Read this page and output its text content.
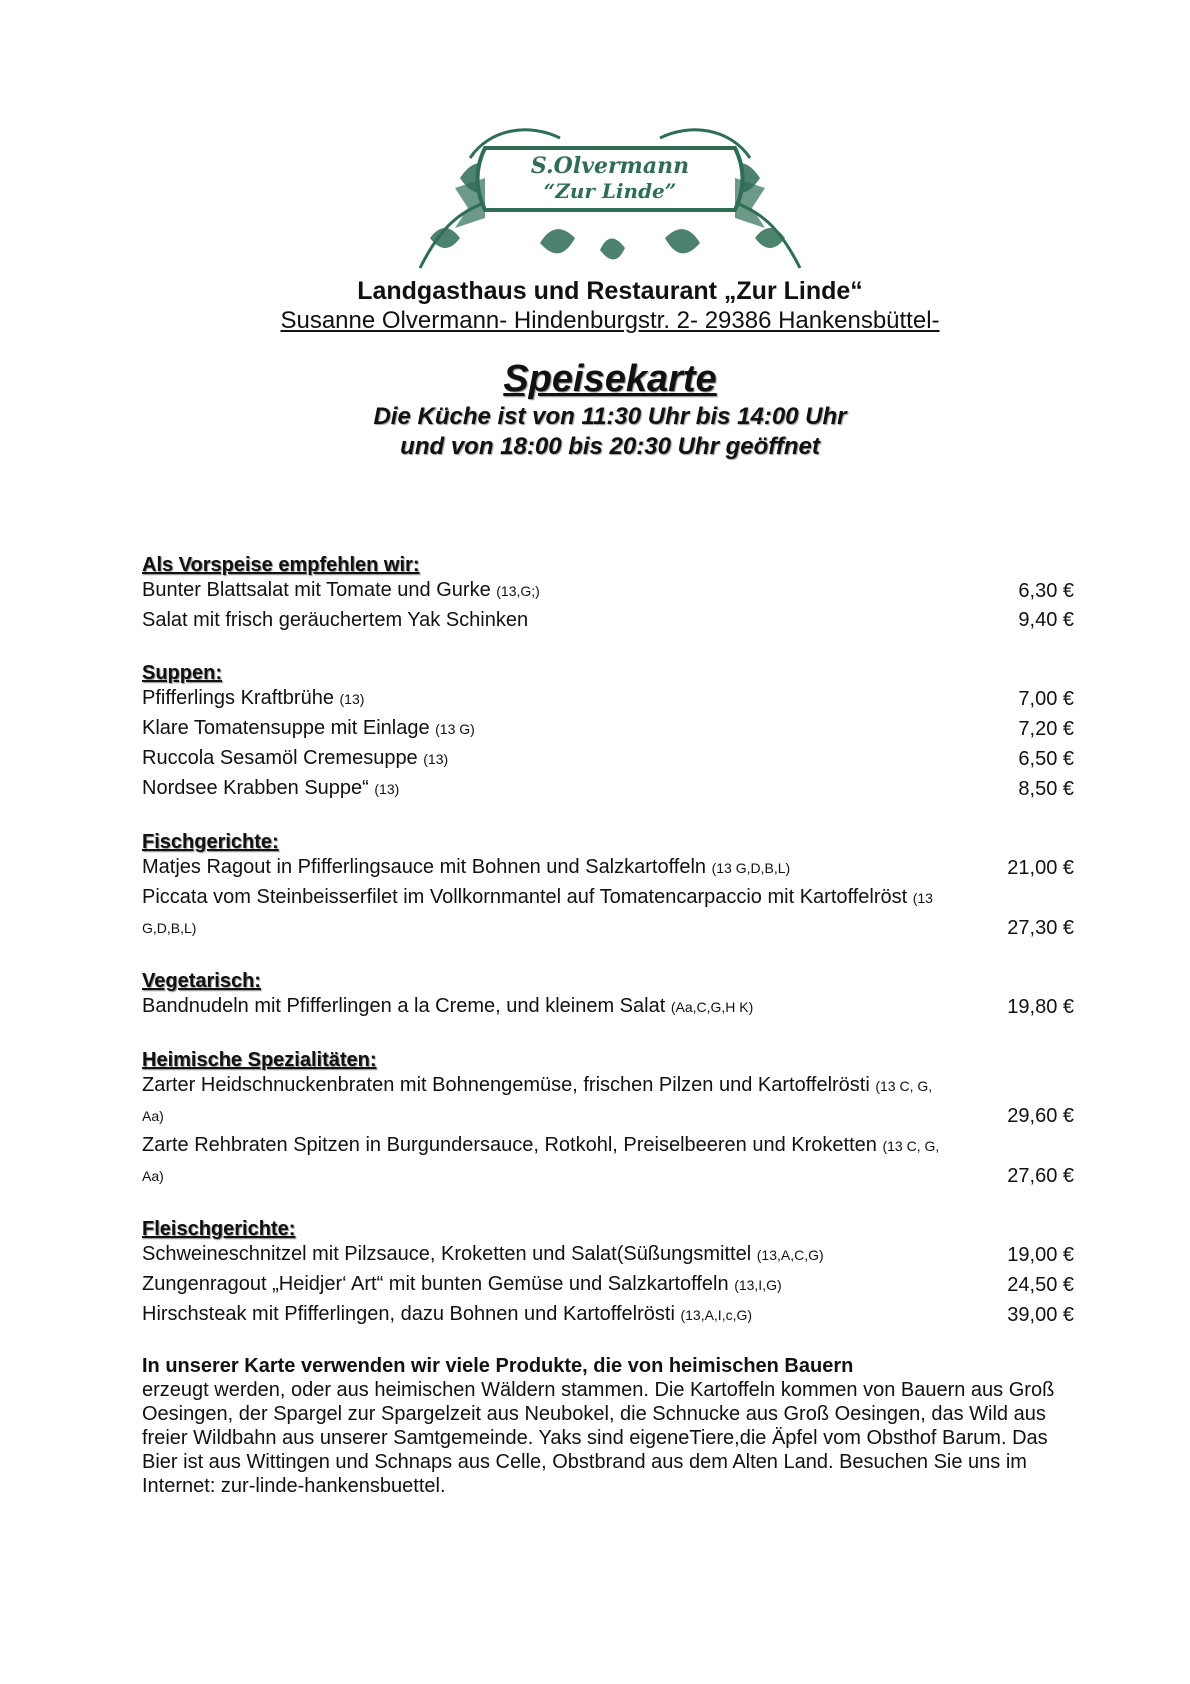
S.Olvermann
“Zur Linde”
Landgasthaus und Restaurant „Zur Linde“
Susanne Olvermann- Hindenburgstr. 2- 29386 Hankensbüttel-
Speisekarte
Die Küche ist von 11:30 Uhr bis 14:00 Uhr
und von 18:00 bis 20:30 Uhr geöffnet
Als Vorspeise empfehlen wir:
Bunter Blattsalat mit Tomate und Gurke (13,G;)	6,30 €
Salat mit frisch geräuchertem Yak Schinken	9,40 €
Suppen:
Pfifferlings Kraftbrühe (13)	7,00 €
Klare Tomatensuppe mit Einlage (13 G)	7,20 €
Ruccola Sesamöl Cremesuppe (13)	6,50 €
Nordsee Krabben Suppe“ (13)	8,50 €
Fischgerichte:
Matjes Ragout in Pfifferlingsauce mit Bohnen und Salzkartoffeln (13 G,D,B,L)	21,00 €
Piccata vom Steinbeisserfilet im Vollkornmantel auf Tomatencarpaccio mit Kartoffelröst (13 G,D,B,L)	27,30 €
Vegetarisch:
Bandnudeln mit Pfifferlingen a la Creme, und kleinem Salat (Aa,C,G,H K)	19,80 €
Heimische Spezialitäten:
Zarter Heidschnuckenbraten mit Bohnengemüse, frischen Pilzen und Kartoffelrösti (13 C, G, Aa)	29,60 €
Zarte Rehbraten Spitzen in Burgundersauce, Rotkohl, Preiselbeeren und Kroketten (13 C, G, Aa)	27,60 €
Fleischgerichte:
Schweineschnitzel mit Pilzsauce, Kroketten und Salat(Süßungsmittel (13,A,C,G)	19,00 €
Zungenragout „Heidjer‘ Art“ mit bunten Gemüse und Salzkartoffeln (13,I,G)	24,50 €
Hirschsteak mit Pfifferlingen, dazu Bohnen und Kartoffelrösti (13,A,I,c,G)	39,00 €
In unserer Karte verwenden wir viele Produkte, die von heimischen Bauern
erzeugt werden, oder aus heimischen Wäldern stammen. Die Kartoffeln kommen von Bauern aus Groß Oesingen, der Spargel zur Spargelzeit aus Neubokel, die Schnucke aus Groß Oesingen, das Wild aus freier Wildbahn aus unserer Samtgemeinde. Yaks sind eigeneTiere,die Äpfel vom Obsthof Barum. Das Bier ist aus Wittingen und Schnaps aus Celle, Obstbrand aus dem Alten Land. Besuchen Sie uns im Internet: zur-linde-hankensbuettel.
